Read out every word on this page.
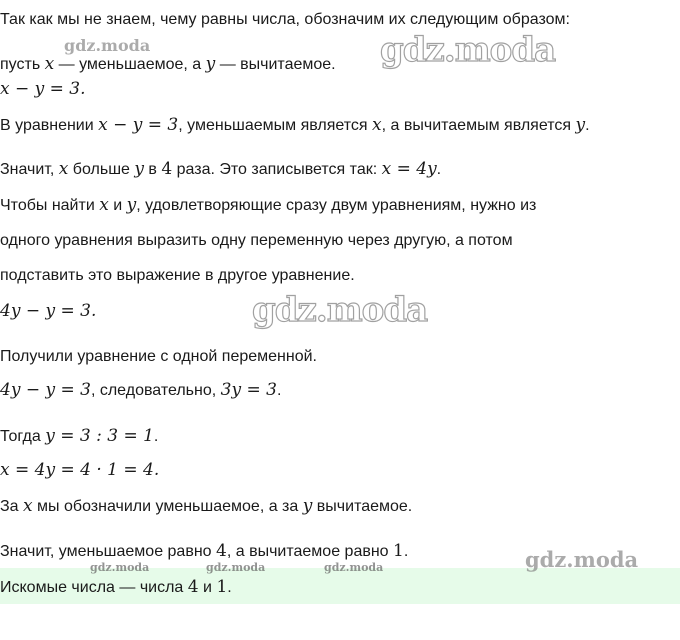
Так как мы не знаем, чему равны числа, обозначим их следующим образом:
пусть x — уменьшаемое, а y — вычитаемое.
x − y = 3.
В уравнении x − y = 3, уменьшаемым является x, а вычитаемым является y.
Значит, x больше y в 4 раза. Это записывется так: x = 4y.
Чтобы найти x и y, удовлетворяющие сразу двум уравнениям, нужно из
одного уравнения выразить одну переменную через другую, а потом
подставить это выражение в другое уравнение.
4y − y = 3.
Получили уравнение с одной переменной.
4y − y = 3, следовательно, 3y = 3.
Тогда y = 3 : 3 = 1.
x = 4y = 4 · 1 = 4.
За x мы обозначили уменьшаемое, а за y вычитаемое.
Значит, уменьшаемое равно 4, а вычитаемое равно 1.
Искомые числа — числа 4 и 1.
gdz.moda	gdz.moda
gdz.moda
gdz.moda
gdz.moda	gdz.moda	gdz.moda
